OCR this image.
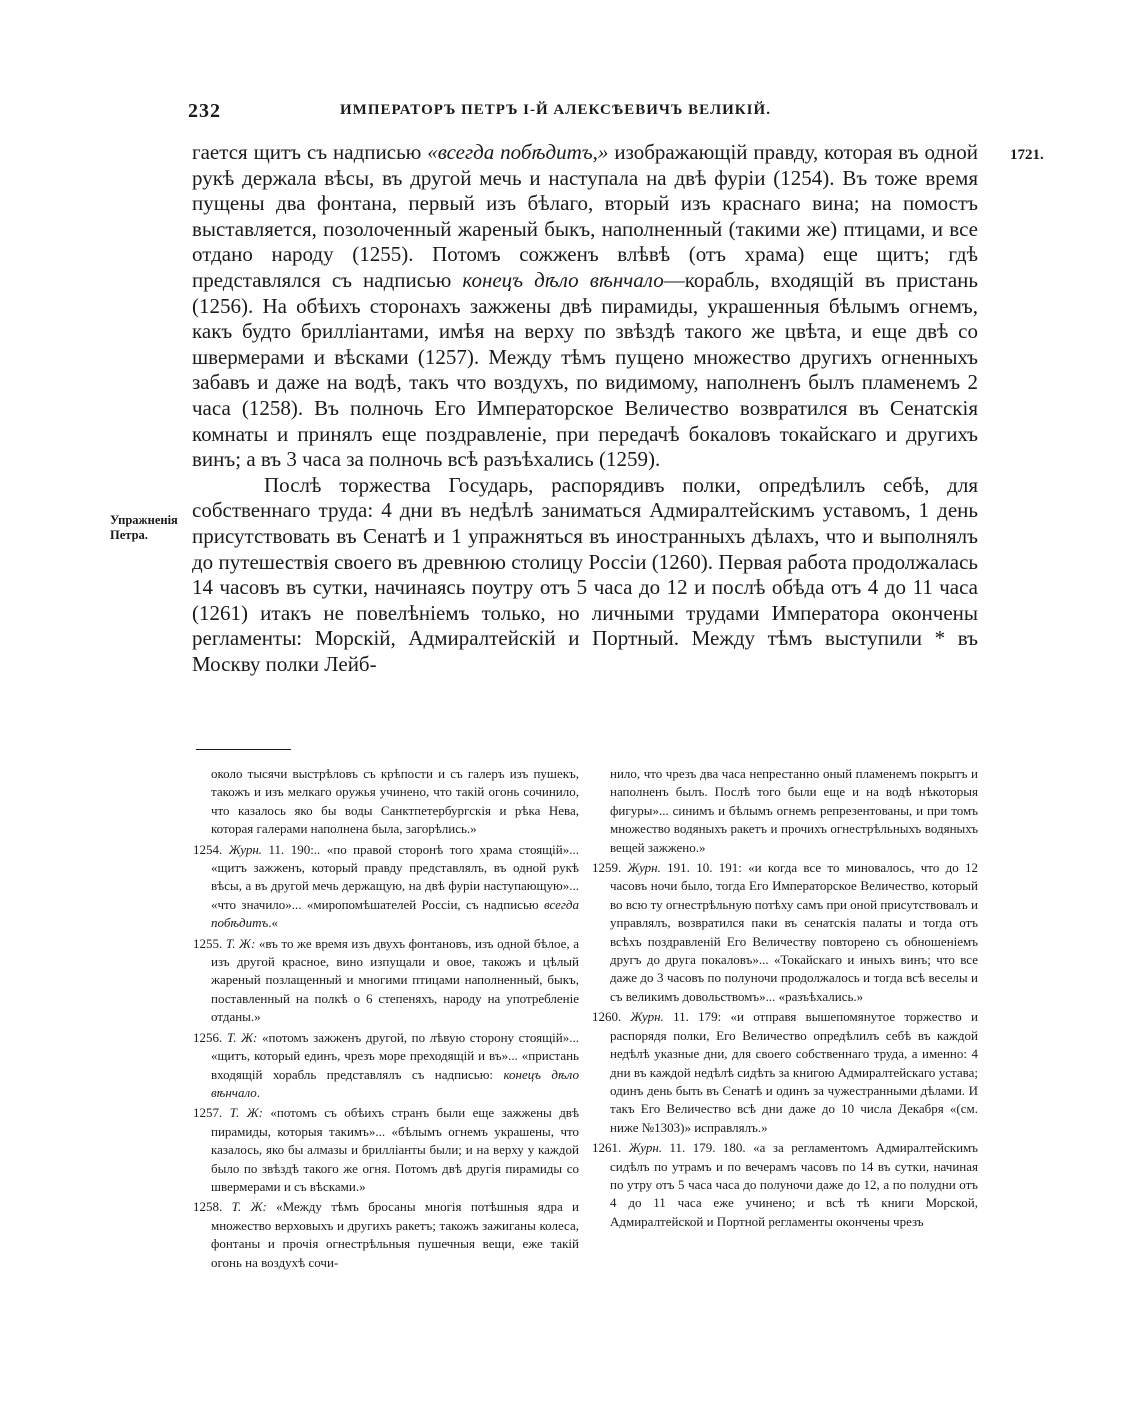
232	ИМПЕРАТОРЪ ПЕТРЪ I-Й АЛЕКСѢЕВИЧЪ ВЕЛИКІЙ.
1721.
Упражненія Петра.

гается щитъ съ надписью «всегда побѣдитъ,» изображающій правду, которая въ одной рукѣ держала вѣсы, въ другой мечь и наступала на двѣ фуріи (1254). Въ тоже время пущены два фонтана, первый изъ бѣлаго, вторый изъ краснаго вина; на помостъ выставляется, позолоченный жареный быкъ, наполненный (такими же) птицами, и все отдано народу (1255). Потомъ сожженъ влѣвѣ (отъ храма) еще щитъ; гдѣ представлялся съ надписью конецъ дѣло вѣнчало—корабль, входящій въ пристань (1256). На обѣихъ сторонахъ зажжены двѣ пирамиды, украшенныя бѣлымъ огнемъ, какъ будто брилліантами, имѣя на верху по звѣздѣ такого же цвѣта, и еще двѣ со швермерами и вѣсками (1257). Между тѣмъ пущено множество другихъ огненныхъ забавъ и даже на водѣ, такъ что воздухъ, по видимому, наполненъ былъ пламенемъ 2 часа (1258). Въ полночь Его Императорское Величество возвратился въ Сенатскія комнаты и принялъ еще поздравленіе, при передачѣ бокаловъ токайскаго и другихъ винъ; а въ 3 часа за полночь всѣ разъѣхались (1259).

Послѣ торжества Государь, распорядивъ полки, опредѣлилъ себѣ, для собственнаго труда: 4 дни въ недѣлѣ заниматься Адмиралтейскимъ уставомъ, 1 день присутствовать въ Сенатѣ и 1 упражняться въ иностранныхъ дѣлахъ, что и выполнялъ до путешествія своего въ древнюю столицу Россіи (1260). Первая работа продолжалась 14 часовъ въ сутки, начинаясь поутру отъ 5 часа до 12 и послѣ обѣда отъ 4 до 11 часа (1261) итакъ не повелѣніемъ только, но личными трудами Императора окончены регламенты: Морскій, Адмиралтейскій и Портный. Между тѣмъ выступили * въ Москву полки Лейб-

около тысячи выстрѣловъ съ крѣпости и съ галеръ изъ пушекъ, такожъ и изъ мелкаго оружья учинено, что такій огонь сочинило, что казалось яко бы воды Санктпетербургскія и рѣка Нева, которая галерами наполнена была, загорѣлись.»

1254. Журн. 11. 190:.. «по правой сторонѣ того храма стоящій»... «щитъ зажженъ, который правду представлялъ, въ одной рукѣ вѣсы, а въ другой мечь держащую, на двѣ фуріи наступающую»... «что значило»... «миропомѣшателей Россіи, съ надписью всегда побѣдитъ.«

1255. Т. Ж: «въ то же время изъ двухъ фонтановъ, изъ одной бѣлое, а изъ другой красное, вино изпущали и овое, такожъ и цѣлый жареный позлащенный и многими птицами наполненный, быкъ, поставленный на полкѣ о 6 степеняхъ, народу на употребленіе отданы.»

1256. Т. Ж: «потомъ зажженъ другой, по лѣвую сторону стоящій»... «щитъ, который единъ, чрезъ море преходящій и въ»... «пристань входящій хорабль представлялъ съ надписью: конецъ дѣло вѣнчало.

1257. Т. Ж: «потомъ съ обѣихъ странъ были еще зажжены двѣ пирамиды, которыя такимъ»... «бѣлымъ огнемъ украшены, что казалось, яко бы алмазы и брилліанты были; и на верху у каждой было по звѣздѣ такого же огня. Потомъ двѣ другія пирамиды со швермерами и съ вѣсками.»

1258. Т. Ж: «Между тѣмъ бросаны многія потѣшныя ядра и множество верховыхъ и другихъ ракетъ; такожъ зажиганы колеса, фонтаны и прочія огнестрѣльныя пушечныя вещи, еже такій огонь на воздухѣ сочи-

нило, что чрезъ два часа непрестанно оный пламенемъ покрытъ и наполненъ былъ. Послѣ того были еще и на водѣ нѣкоторыя фигуры»... синимъ и бѣлымъ огнемъ репрезентованы, и при томъ множество водяныхъ ракетъ и прочихъ огнестрѣльныхъ водяныхъ вещей зажжено.»

1259. Журн. 191. 10. 191: «и когда все то миновалось, что до 12 часовъ ночи было, тогда Его Императорское Величество, который во всю ту огнестрѣльную потѣху самъ при оной присутствовалъ и управлялъ, возвратился паки въ сенатскія палаты и тогда отъ всѣхъ поздравленій Его Величеству повторено съ обношеніемъ другъ до друга покаловъ»... «Токайскаго и иныхъ винъ; что все даже до 3 часовъ по полуночи продолжалось и тогда всѣ веселы и съ великимъ довольствомъ»... «разъѣхались.»

1260. Журн. 11. 179: «и отправя вышепомянутое торжество и распорядя полки, Его Величество опредѣлилъ себѣ въ каждой недѣлѣ указные дни, для своего собственнаго труда, а именно: 4 дни въ каждой недѣлѣ сидѣть за книгою Адмиралтейскаго устава; одинъ день быть въ Сенатѣ и одинъ за чужестранными дѣлами. И такъ Его Величество всѣ дни даже до 10 числа Декабря «(см. ниже №1303)» исправлялъ.»

1261. Журн. 11. 179. 180. «а за регламентомъ Адмиралтейскимъ сидѣлъ по утрамъ и по вечерамъ часовъ по 14 въ сутки, начиная по утру отъ 5 часа часа до полуночи даже до 12, а по полудни отъ 4 до 11 часа еже учинено; и всѣ тѣ книги Морской, Адмиралтейской и Портной регламенты окончены чрезъ
